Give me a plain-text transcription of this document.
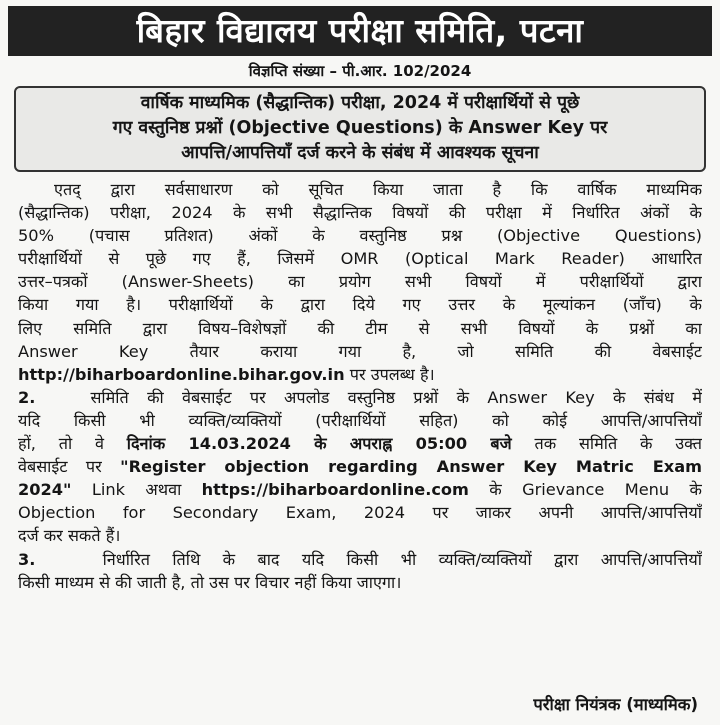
बिहार विद्यालय परीक्षा समिति, पटना
विज्ञप्ति संख्या – पी.आर. 102/2024
वार्षिक माध्यमिक (सैद्धान्तिक) परीक्षा, 2024 में परीक्षार्थियों से पूछे
गए वस्तुनिष्ठ प्रश्नों (Objective Questions) के Answer Key पर
आपत्ति/आपत्तियाँ दर्ज करने के संबंध में आवश्यक सूचना
एतद् द्वारा सर्वसाधारण को सूचित किया जाता है कि वार्षिक माध्यमिक
(सैद्धान्तिक) परीक्षा, 2024 के सभी सैद्धान्तिक विषयों की परीक्षा में निर्धारित अंकों के
50% (पचास प्रतिशत) अंकों के वस्तुनिष्ठ प्रश्न (Objective Questions)
परीक्षार्थियों से पूछे गए हैं, जिसमें OMR (Optical Mark Reader) आधारित
उत्तर–पत्रकों (Answer-Sheets) का प्रयोग सभी विषयों में परीक्षार्थियों द्वारा
किया गया है। परीक्षार्थियों के द्वारा दिये गए उत्तर के मूल्यांकन (जाँच) के
लिए समिति द्वारा विषय–विशेषज्ञों की टीम से सभी विषयों के प्रश्नों का
Answer Key तैयार कराया गया है, जो समिति की वेबसाईट
http://biharboardonline.bihar.gov.in पर उपलब्ध है।
2.	समिति की वेबसाईट पर अपलोड वस्तुनिष्ठ प्रश्नों के Answer Key के संबंध में
यदि किसी भी व्यक्ति/व्यक्तियों (परीक्षार्थियों सहित) को कोई आपत्ति/आपत्तियाँ
हों, तो वे दिनांक 14.03.2024 के अपराह्न 05:00 बजे तक समिति के उक्त
वेबसाईट पर "Register objection regarding Answer Key Matric Exam
2024" Link अथवा https://biharboardonline.com के Grievance Menu के
Objection for Secondary Exam, 2024 पर जाकर अपनी आपत्ति/आपत्तियाँ
दर्ज कर सकते हैं।
3.	निर्धारित तिथि के बाद यदि किसी भी व्यक्ति/व्यक्तियों द्वारा आपत्ति/आपत्तियाँ
किसी माध्यम से की जाती है, तो उस पर विचार नहीं किया जाएगा।
परीक्षा नियंत्रक (माध्यमिक)
